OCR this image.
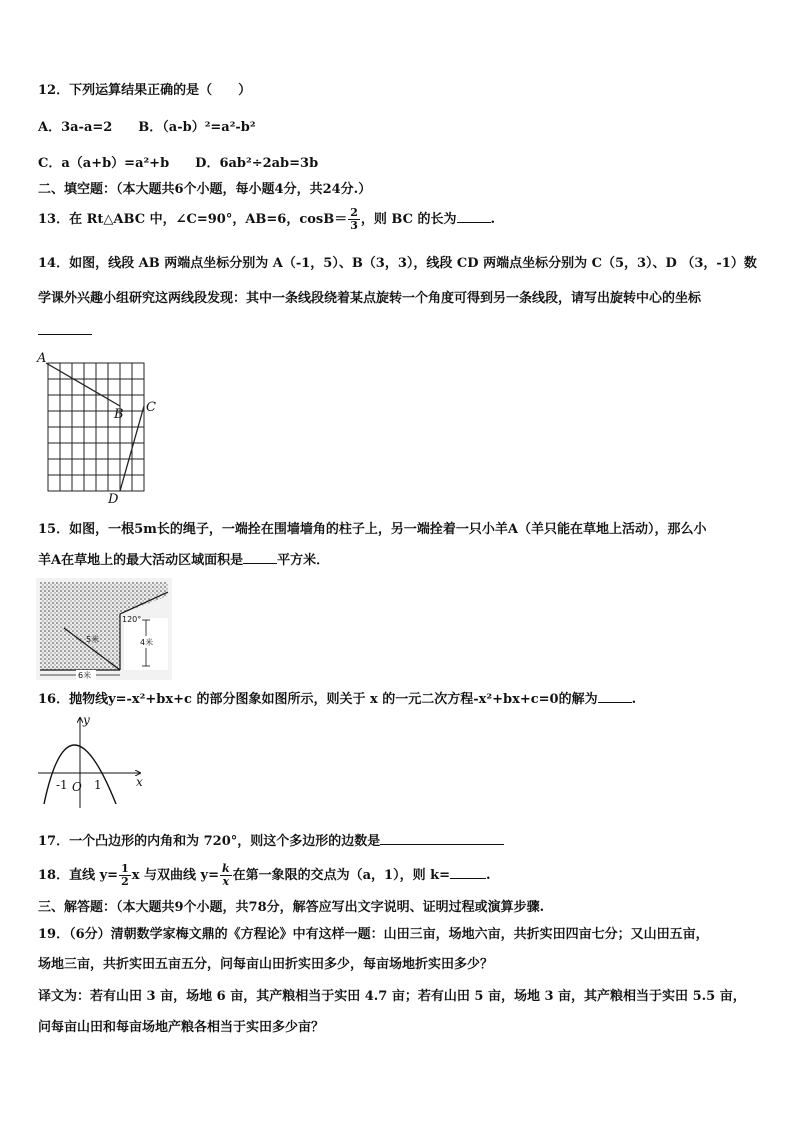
12．下列运算结果正确的是（　　）
A．3a-a=2　　B．（a-b）²=a²-b²
C．a（a+b）=a²+b　　D．6ab²÷2ab=3b
二、填空题：（本大题共6个小题，每小题4分，共24分.）
13．在 Rt△ABC 中，∠C=90°，AB=6，$\cos B= \frac{2}{3}$ ，则 BC 的长为	.
14．如图，线段 AB 两端点坐标分别为 A（-1，5）、B（3，3），线段 CD 两端点坐标分别为 C（5，3）、D （3，-1）数
学课外兴趣小组研究这两线段发现：其中一条线段绕着某点旋转一个角度可得到另一条线段，请写出旋转中心的坐标
A
B C
D
15．如图，一根5m长的绳子，一端拴在围墙墙角的柱子上，另一端拴着一只小羊A（羊只能在草地上活动），那么小
羊A在草地上的最大活动区域面积是	平方米．
5米
6米
4米
120°
16．抛物线y=-x²+bx+c 的部分图象如图所示，则关于 x 的一元二次方程-x²+bx+c=0的解为	.
y
x
O
-1 1
17．一个凸边形的内角和为 720°，则这个多边形的边数是
18．直线 $y= \frac{1}{2}$ x 与双曲线 $y= \frac{k}{x}$ 在第一象限的交点为（a，1），则 k=	.
三、解答题：（本大题共9个小题，共78分，解答应写出文字说明、证明过程或演算步骤.
19．（6分）清朝数学家梅文鼎的《方程论》中有这样一题：山田三亩，场地六亩，共折实田四亩七分；又山田五亩，
场地三亩，共折实田五亩五分，问每亩山田折实田多少，每亩场地折实田多少？
译文为：若有山田 3 亩，场地 6 亩，其产粮相当于实田 4.7 亩；若有山田 5 亩，场地 3 亩，其产粮相当于实田 5.5 亩，
问每亩山田和每亩场地产粮各相当于实田多少亩？
